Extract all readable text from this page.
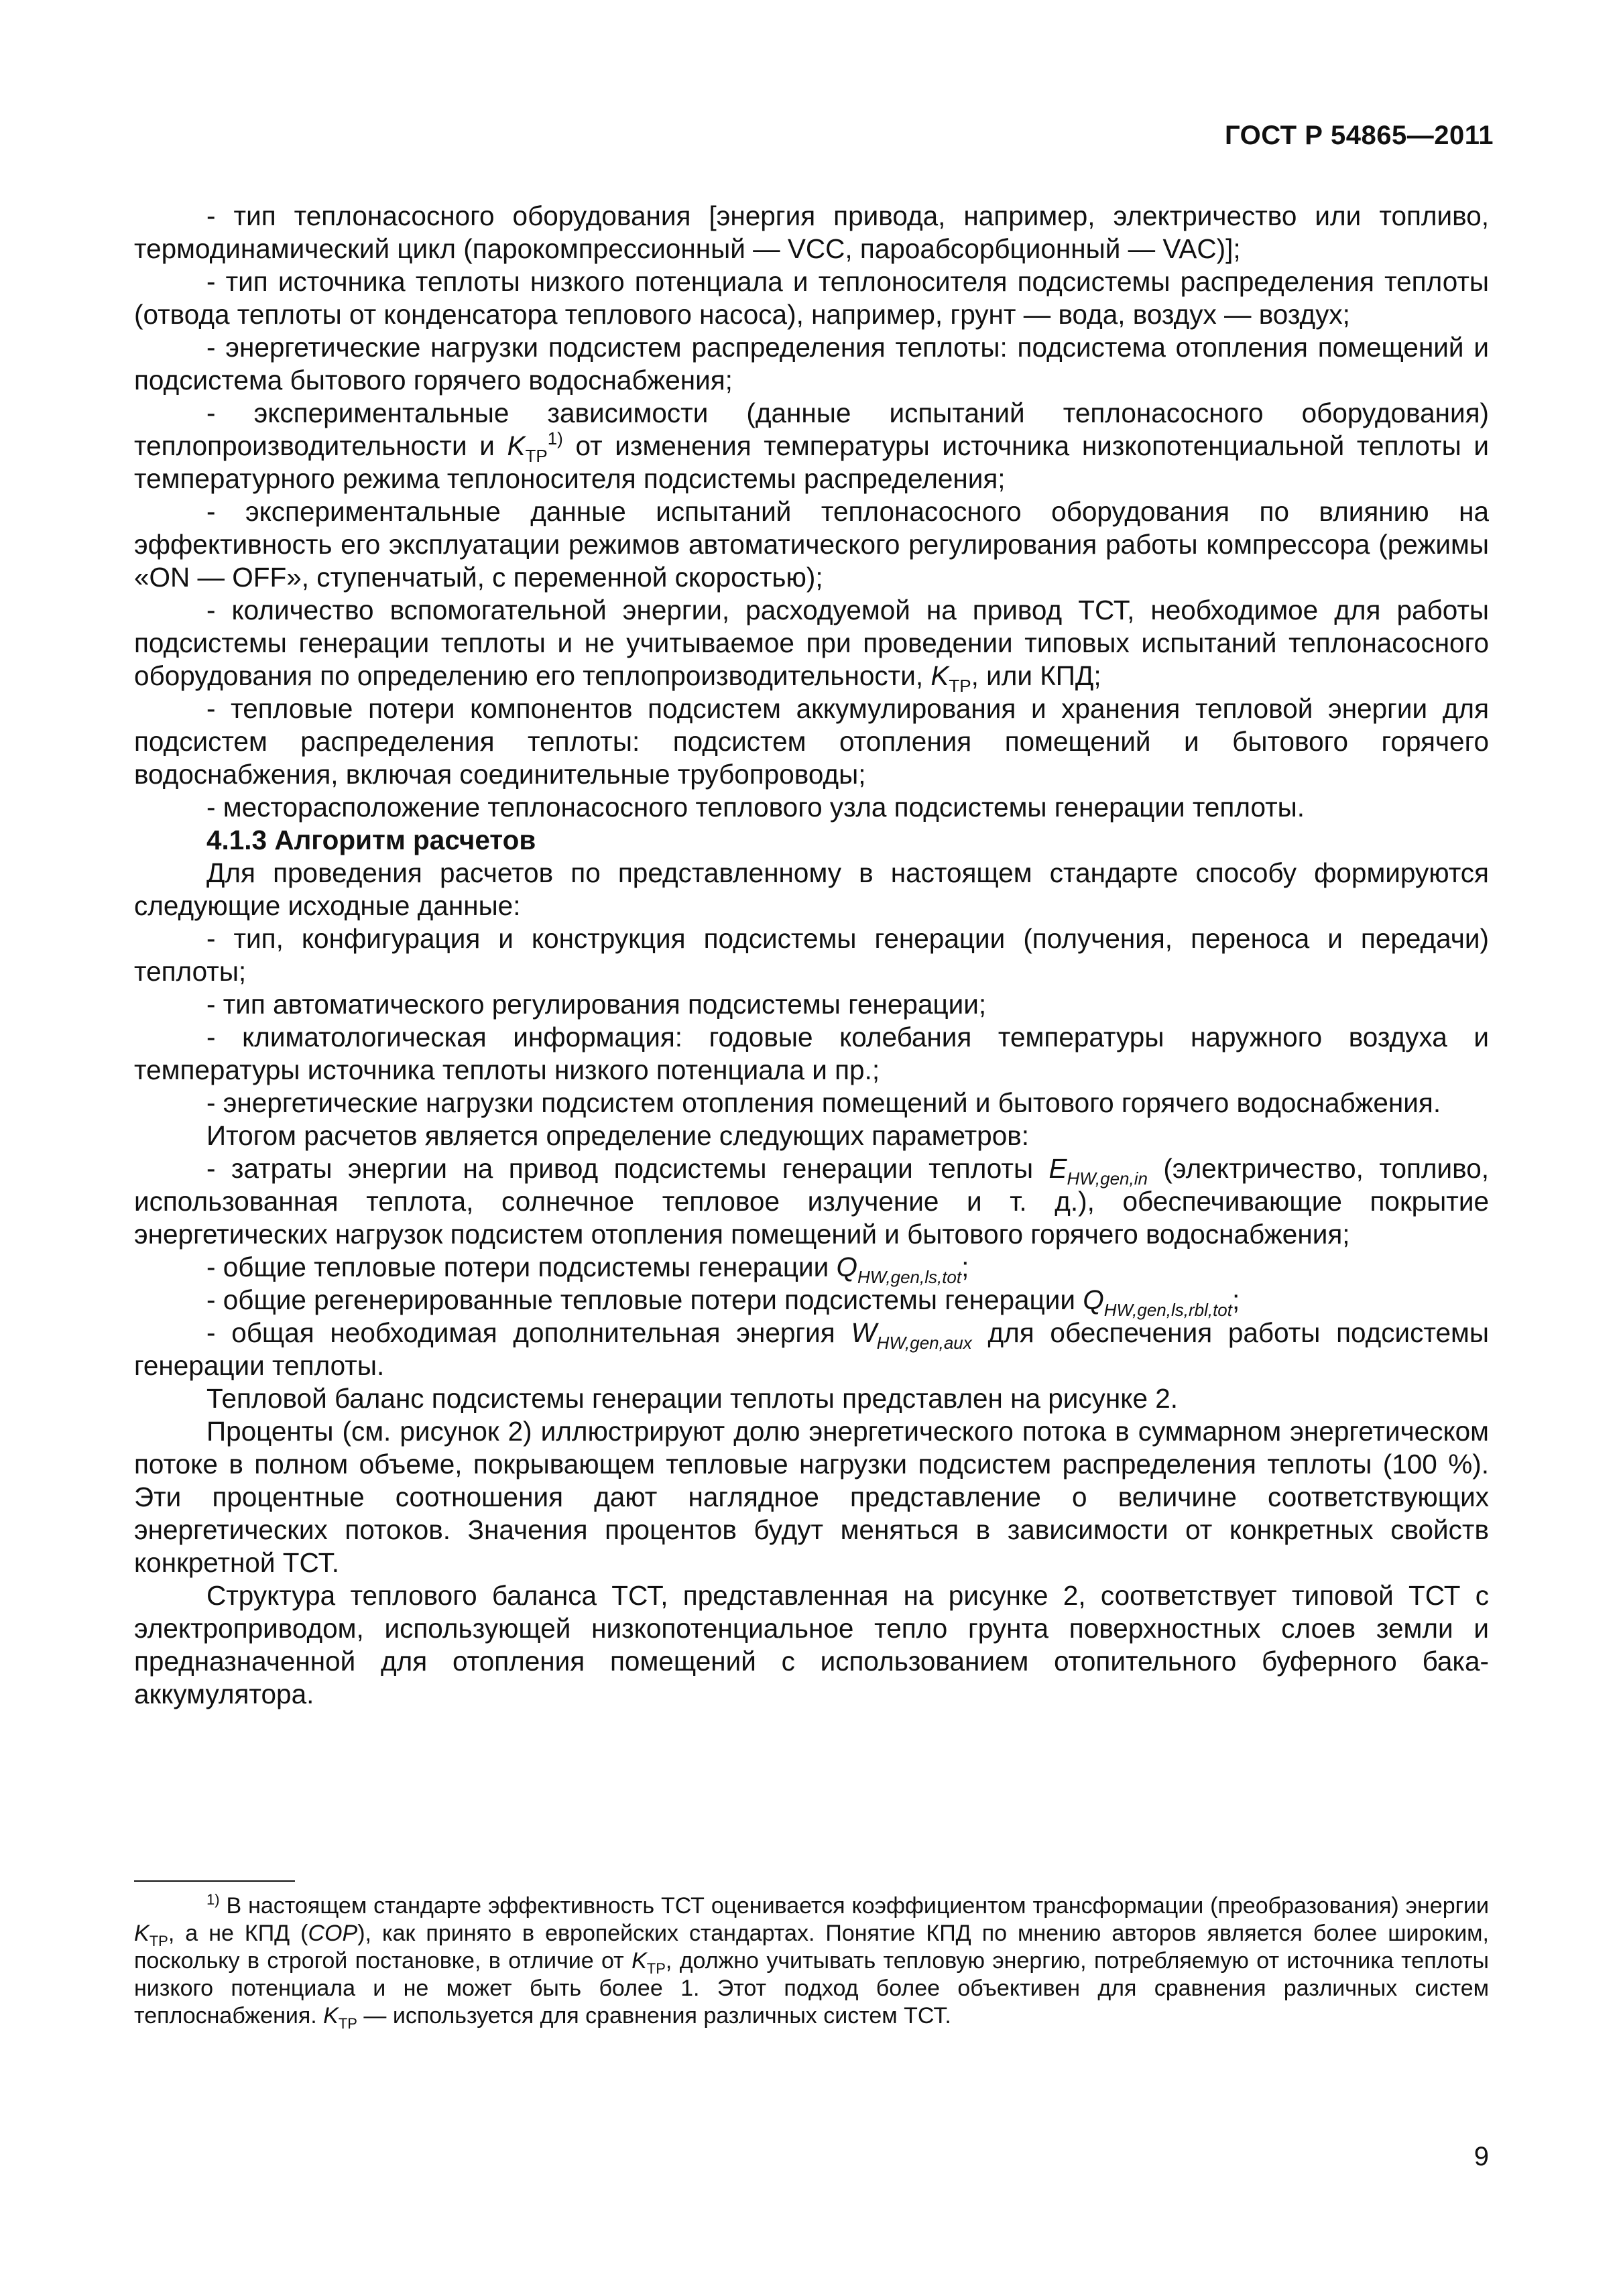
ГОСТ Р 54865—2011

- тип теплонасосного оборудования [энергия привода, например, электричество или топливо, термодинамический цикл (парокомпрессионный — VCC, пароабсорбционный — VAC)];

- тип источника теплоты низкого потенциала и теплоносителя подсистемы распределения теплоты (отвода теплоты от конденсатора теплового насоса), например, грунт — вода, воздух — воздух;

- энергетические нагрузки подсистем распределения теплоты: подсистема отопления помещений и подсистема бытового горячего водоснабжения;

- экспериментальные зависимости (данные испытаний теплонасосного оборудования) теплопроизводительности и $K_{ТР}^{1)}$ от изменения температуры источника низкопотенциальной теплоты и температурного режима теплоносителя подсистемы распределения;

- экспериментальные данные испытаний теплонасосного оборудования по влиянию на эффективность его эксплуатации режимов автоматического регулирования работы компрессора (режимы «ON — OFF», ступенчатый, с переменной скоростью);

- количество вспомогательной энергии, расходуемой на привод ТСТ, необходимое для работы подсистемы генерации теплоты и не учитываемое при проведении типовых испытаний теплонасосного оборудования по определению его теплопроизводительности, $K_{ТР}$, или КПД;

- тепловые потери компонентов подсистем аккумулирования и хранения тепловой энергии для подсистем распределения теплоты: подсистем отопления помещений и бытового горячего водоснабжения, включая соединительные трубопроводы;

- месторасположение теплонасосного теплового узла подсистемы генерации теплоты.

4.1.3 Алгоритм расчетов

Для проведения расчетов по представленному в настоящем стандарте способу формируются следующие исходные данные:

- тип, конфигурация и конструкция подсистемы генерации (получения, переноса и передачи) теплоты;

- тип автоматического регулирования подсистемы генерации;

- климатологическая информация: годовые колебания температуры наружного воздуха и температуры источника теплоты низкого потенциала и пр.;

- энергетические нагрузки подсистем отопления помещений и бытового горячего водоснабжения.

Итогом расчетов является определение следующих параметров:

- затраты энергии на привод подсистемы генерации теплоты $E_{HW,gen,in}$ (электричество, топливо, использованная теплота, солнечное тепловое излучение и т. д.), обеспечивающие покрытие энергетических нагрузок подсистем отопления помещений и бытового горячего водоснабжения;

- общие тепловые потери подсистемы генерации $Q_{HW,gen,ls,tot}$;

- общие регенерированные тепловые потери подсистемы генерации $Q_{HW,gen,ls,rbl,tot}$;

- общая необходимая дополнительная энергия $W_{HW,gen,aux}$ для обеспечения работы подсистемы генерации теплоты.

Тепловой баланс подсистемы генерации теплоты представлен на рисунке 2.

Проценты (см. рисунок 2) иллюстрируют долю энергетического потока в суммарном энергетическом потоке в полном объеме, покрывающем тепловые нагрузки подсистем распределения теплоты (100 %). Эти процентные соотношения дают наглядное представление о величине соответствующих энергетических потоков. Значения процентов будут меняться в зависимости от конкретных свойств конкретной ТСТ.

Структура теплового баланса ТСТ, представленная на рисунке 2, соответствует типовой ТСТ с электроприводом, использующей низкопотенциальное тепло грунта поверхностных слоев земли и предназначенной для отопления помещений с использованием отопительного буферного бака-аккумулятора.

$^{1)}$ В настоящем стандарте эффективность ТСТ оценивается коэффициентом трансформации (преобразования) энергии $K_{ТР}$, а не КПД (COP), как принято в европейских стандартах. Понятие КПД по мнению авторов является более широким, поскольку в строгой постановке, в отличие от $K_{ТР}$, должно учитывать тепловую энергию, потребляемую от источника теплоты низкого потенциала и не может быть более 1. Этот подход более объективен для сравнения различных систем теплоснабжения. $K_{ТР}$ — используется для сравнения различных систем ТСТ.

9
